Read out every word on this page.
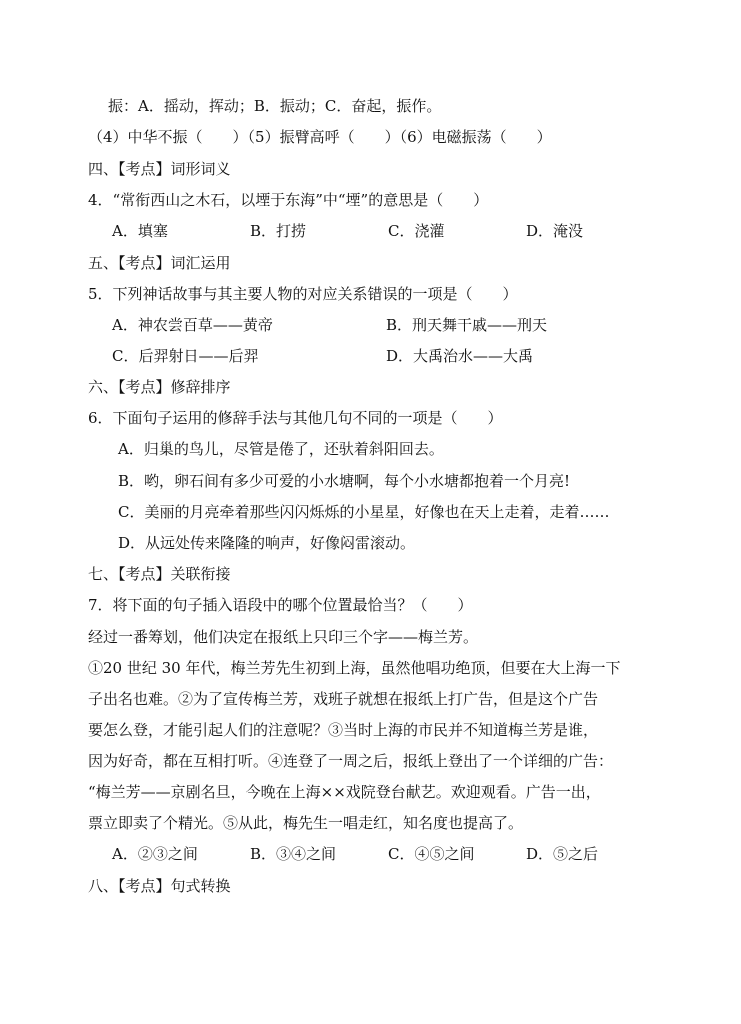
振：A．摇动，挥动；B．振动；C．奋起，振作。
（4）中华不振（　　）（5）振臂高呼（　　）（6）电磁振荡（　　）
四、【考点】词形词义
4．“常衔西山之木石，以堙于东海”中“堙”的意思是（　　）
A．填塞	B．打捞	C．浇灌	D．淹没
五、【考点】词汇运用
5．下列神话故事与其主要人物的对应关系错误的一项是（　　）
A．神农尝百草——黄帝	B．刑天舞干戚——刑天
C．后羿射日——后羿	D．大禹治水——大禹
六、【考点】修辞排序
6．下面句子运用的修辞手法与其他几句不同的一项是（　　）
A．归巢的鸟儿，尽管是倦了，还驮着斜阳回去。
B．哟，卵石间有多少可爱的小水塘啊，每个小水塘都抱着一个月亮!
C．美丽的月亮牵着那些闪闪烁烁的小星星，好像也在天上走着，走着……
D．从远处传来隆隆的响声，好像闷雷滚动。
七、【考点】关联衔接
7．将下面的句子插入语段中的哪个位置最恰当？（　　）
经过一番筹划，他们决定在报纸上只印三个字——梅兰芳。
①20 世纪 30 年代，梅兰芳先生初到上海，虽然他唱功绝顶，但要在大上海一下
子出名也难。②为了宣传梅兰芳，戏班子就想在报纸上打广告，但是这个广告
要怎么登，才能引起人们的注意呢？③当时上海的市民并不知道梅兰芳是谁，
因为好奇，都在互相打听。④连登了一周之后，报纸上登出了一个详细的广告：
“梅兰芳——京剧名旦，今晚在上海××戏院登台献艺。欢迎观看。广告一出，
票立即卖了个精光。⑤从此，梅先生一唱走红，知名度也提高了。
A．②③之间	B．③④之间	C．④⑤之间	D．⑤之后
八、【考点】句式转换
